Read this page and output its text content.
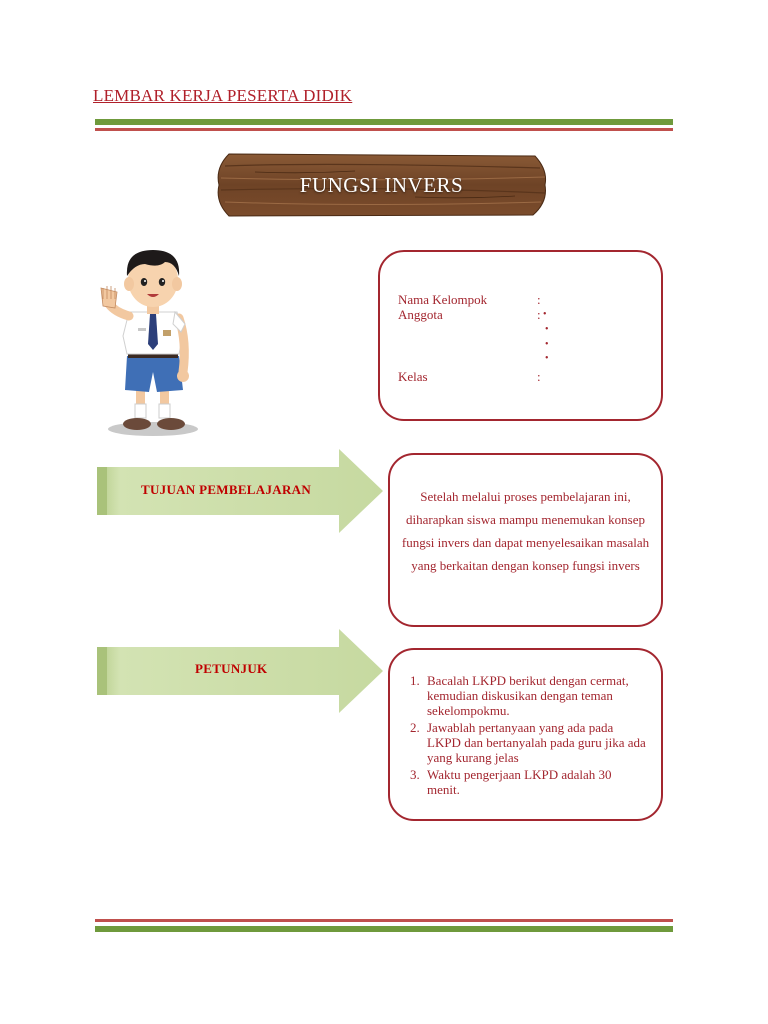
LEMBAR KERJA PESERTA DIDIK
FUNGSI INVERS
Nama Kelompok	:
Anggota	: •
•
•
•
Kelas	:
TUJUAN PEMBELAJARAN	Setelah melalui proses pembelajaran ini, diharapkan siswa mampu menemukan konsep fungsi invers dan dapat menyelesaikan masalah yang berkaitan dengan konsep fungsi invers
PETUNJUK
1. Bacalah LKPD berikut dengan cermat, kemudian diskusikan dengan teman sekelompokmu.
2. Jawablah pertanyaan yang ada pada LKPD dan bertanyalah pada guru jika ada yang kurang jelas
3. Waktu pengerjaan LKPD adalah 30 menit.
